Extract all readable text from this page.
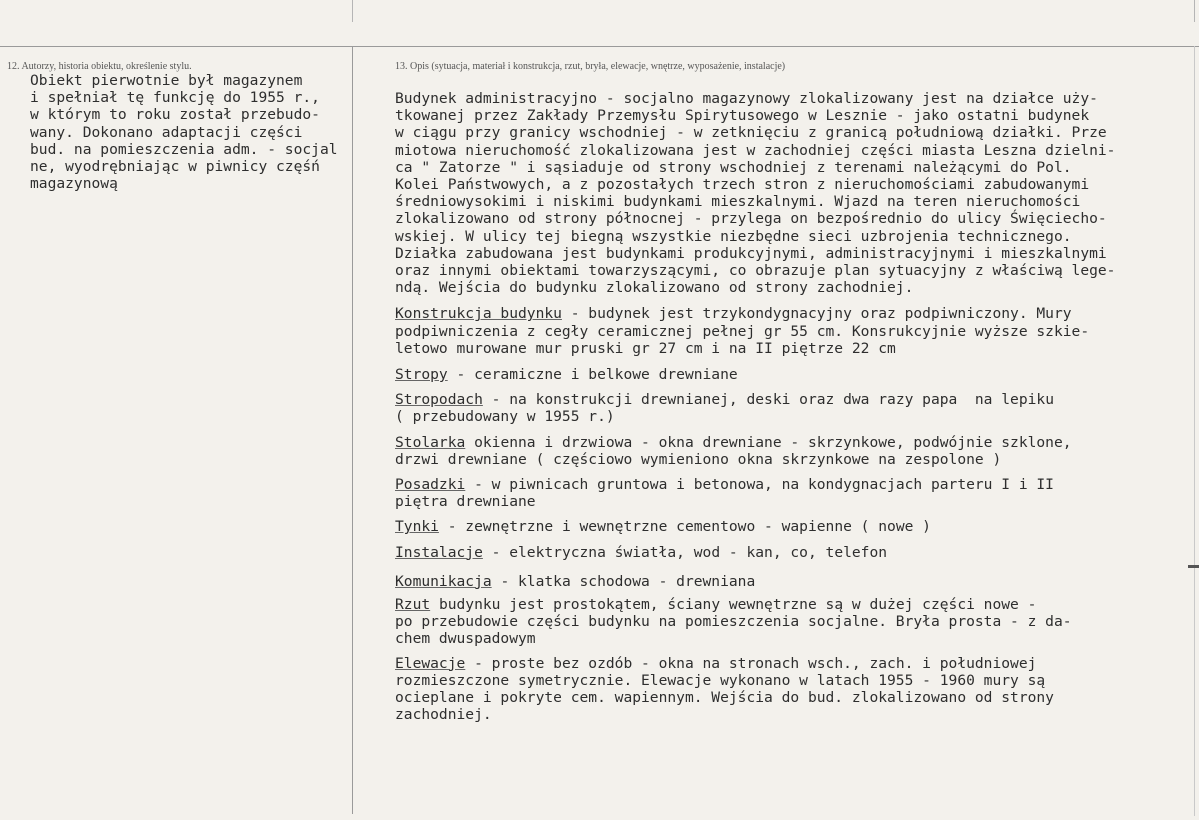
12. Autorzy, historia obiektu, określenie stylu.
Obiekt pierwotnie był magazynem
i spełniał tę funkcję do 1955 r.,
w którym to roku został przebudo-
wany. Dokonano adaptacji części
bud. na pomieszczenia adm. - socjal
ne, wyodrębniając w piwnicy częśń
magazynową
13. Opis (sytuacja, materiał i konstrukcja, rzut, bryła, elewacje, wnętrze, wyposażenie, instalacje)

Budynek administracyjno - socjalno magazynowy zlokalizowany jest na działce uży-
tkowanej przez Zakłady Przemysłu Spirytusowego w Lesznie - jako ostatni budynek
w ciągu przy granicy wschodniej - w zetknięciu z granicą południową działki. Prze
miotowa nieruchomość zlokalizowana jest w zachodniej części miasta Leszna dzielni-
ca " Zatorze " i sąsiaduje od strony wschodniej z terenami należącymi do Pol.
Kolei Państwowych, a z pozostałych trzech stron z nieruchomościami zabudowanymi
średniowysokimi i niskimi budynkami mieszkalnymi. Wjazd na teren nieruchomości
zlokalizowano od strony północnej - przylega on bezpośrednio do ulicy Święciecho-
wskiej. W ulicy tej biegną wszystkie niezbędne sieci uzbrojenia technicznego.
Działka zabudowana jest budynkami produkcyjnymi, administracyjnymi i mieszkalnymi
oraz innymi obiektami towarzyszącymi, co obrazuje plan sytuacyjny z właściwą lege-
ndą. Wejścia do budynku zlokalizowano od strony zachodniej.

Konstrukcja budynku - budynek jest trzykondygnacyjny oraz podpiwniczony. Mury
podpiwniczenia z cegły ceramicznej pełnej gr 55 cm. Konsrukcyjnie wyższe szkie-
letowo murowane mur pruski gr 27 cm i na II piętrze 22 cm

Stropy - ceramiczne i belkowe drewniane

Stropodach - na konstrukcji drewnianej, deski oraz dwa razy papa  na lepiku
( przebudowany w 1955 r.)

Stolarka okienna i drzwiowa - okna drewniane - skrzynkowe, podwójnie szklone,
drzwi drewniane ( częściowo wymieniono okna skrzynkowe na zespolone )

Posadzki - w piwnicach gruntowa i betonowa, na kondygnacjach parteru I i II
piętra drewniane

Tynki - zewnętrzne i wewnętrzne cementowo - wapienne ( nowe )

Instalacje - elektryczna światła, wod - kan, co, telefon

Komunikacja - klatka schodowa - drewniana

Rzut budynku jest prostokątem, ściany wewnętrzne są w dużej części nowe -
po przebudowie części budynku na pomieszczenia socjalne. Bryła prosta - z da-
chem dwuspadowym

Elewacje - proste bez ozdób - okna na stronach wsch., zach. i południowej
rozmieszczone symetrycznie. Elewacje wykonano w latach 1955 - 1960 mury są
ocieplane i pokryte cem. wapiennym. Wejścia do bud. zlokalizowano od strony
zachodniej.
